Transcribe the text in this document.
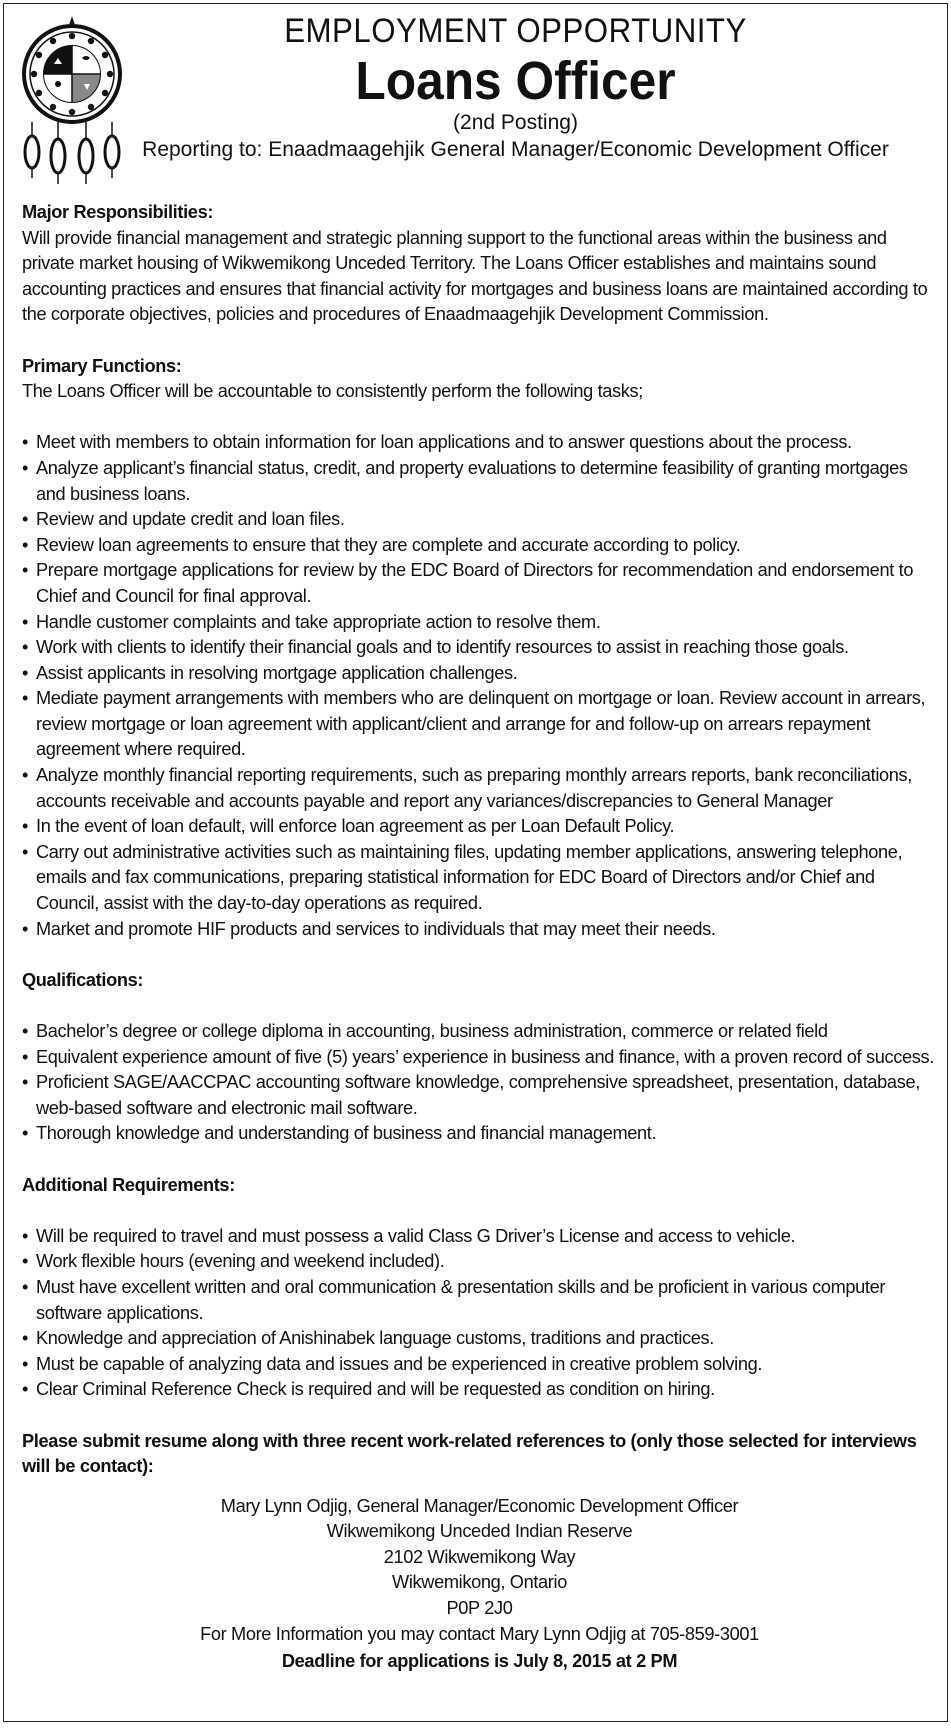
EMPLOYMENT OPPORTUNITY
Loans Officer
(2nd Posting)
Reporting to: Enaadmaagehjik General Manager/Economic Development Officer
Major Responsibilities:

Will provide financial management and strategic planning support to the functional areas within the business and private market housing of Wikwemikong Unceded Territory. The Loans Officer establishes and maintains sound accounting practices and ensures that financial activity for mortgages and business loans are maintained according to the corporate objectives, policies and procedures of Enaadmaagehjik Development Commission.

Primary Functions:

The Loans Officer will be accountable to consistently perform the following tasks;

• Meet with members to obtain information for loan applications and to answer questions about the process.
• Analyze applicant’s financial status, credit, and property evaluations to determine feasibility of granting mortgages and business loans.
• Review and update credit and loan files.
• Review loan agreements to ensure that they are complete and accurate according to policy.
• Prepare mortgage applications for review by the EDC Board of Directors for recommendation and endorsement to Chief and Council for final approval.
• Handle customer complaints and take appropriate action to resolve them.
• Work with clients to identify their financial goals and to identify resources to assist in reaching those goals.
• Assist applicants in resolving mortgage application challenges.
• Mediate payment arrangements with members who are delinquent on mortgage or loan. Review account in arrears, review mortgage or loan agreement with applicant/client and arrange for and follow-up on arrears repayment agreement where required.
• Analyze monthly financial reporting requirements, such as preparing monthly arrears reports, bank reconciliations, accounts receivable and accounts payable and report any variances/discrepancies to General Manager
• In the event of loan default, will enforce loan agreement as per Loan Default Policy.
• Carry out administrative activities such as maintaining files, updating member applications, answering telephone, emails and fax communications, preparing statistical information for EDC Board of Directors and/or Chief and Council, assist with the day-to-day operations as required.
• Market and promote HIF products and services to individuals that may meet their needs.
Qualifications:
• Bachelor’s degree or college diploma in accounting, business administration, commerce or related field
• Equivalent experience amount of five (5) years’ experience in business and finance, with a proven record of success.
• Proficient SAGE/AACCPAC accounting software knowledge, comprehensive spreadsheet, presentation, database, web-based software and electronic mail software.
• Thorough knowledge and understanding of business and financial management.
Additional Requirements:
• Will be required to travel and must possess a valid Class G Driver’s License and access to vehicle.
• Work flexible hours (evening and weekend included).
• Must have excellent written and oral communication & presentation skills and be proficient in various computer software applications.
• Knowledge and appreciation of Anishinabek language customs, traditions and practices.
• Must be capable of analyzing data and issues and be experienced in creative problem solving.
• Clear Criminal Reference Check is required and will be requested as condition on hiring.

Please submit resume along with three recent work-related references to (only those selected for interviews will be contact):

Mary Lynn Odjig, General Manager/Economic Development Officer
Wikwemikong Unceded Indian Reserve
2102 Wikwemikong Way
Wikwemikong, Ontario
P0P 2J0
For More Information you may contact Mary Lynn Odjig at 705-859-3001
Deadline for applications is July 8, 2015 at 2 PM
